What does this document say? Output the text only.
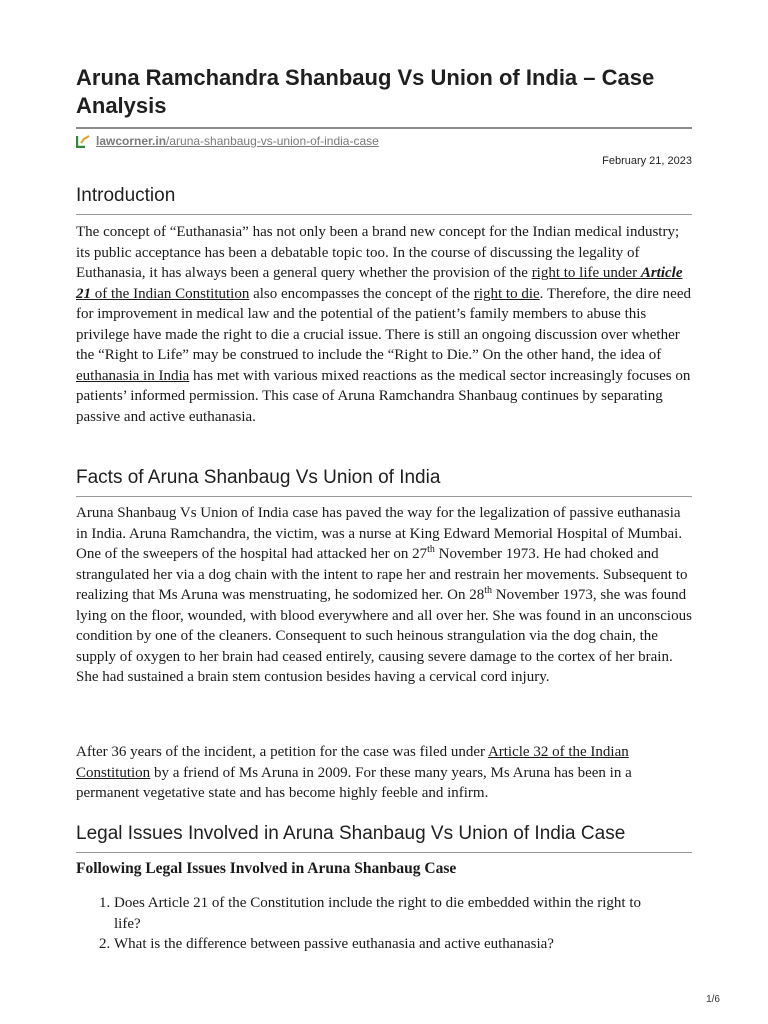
Aruna Ramchandra Shanbaug Vs Union of India – Case Analysis
lawcorner.in/aruna-shanbaug-vs-union-of-india-case
February 21, 2023
Introduction

The concept of “Euthanasia” has not only been a brand new concept for the Indian medical industry; its public acceptance has been a debatable topic too. In the course of discussing the legality of Euthanasia, it has always been a general query whether the provision of the right to life under Article 21 of the Indian Constitution also encompasses the concept of the right to die. Therefore, the dire need for improvement in medical law and the potential of the patient’s family members to abuse this privilege have made the right to die a crucial issue. There is still an ongoing discussion over whether the “Right to Life” may be construed to include the “Right to Die.” On the other hand, the idea of euthanasia in India has met with various mixed reactions as the medical sector increasingly focuses on patients’ informed permission. This case of Aruna Ramchandra Shanbaug continues by separating passive and active euthanasia.

Facts of Aruna Shanbaug Vs Union of India

Aruna Shanbaug Vs Union of India case has paved the way for the legalization of passive euthanasia in India. Aruna Ramchandra, the victim, was a nurse at King Edward Memorial Hospital of Mumbai. One of the sweepers of the hospital had attacked her on 27th November 1973. He had choked and strangulated her via a dog chain with the intent to rape her and restrain her movements. Subsequent to realizing that Ms Aruna was menstruating, he sodomized her. On 28th November 1973, she was found lying on the floor, wounded, with blood everywhere and all over her. She was found in an unconscious condition by one of the cleaners. Consequent to such heinous strangulation via the dog chain, the supply of oxygen to her brain had ceased entirely, causing severe damage to the cortex of her brain. She had sustained a brain stem contusion besides having a cervical cord injury.

After 36 years of the incident, a petition for the case was filed under Article 32 of the Indian Constitution by a friend of Ms Aruna in 2009. For these many years, Ms Aruna has been in a permanent vegetative state and has become highly feeble and infirm.

Legal Issues Involved in Aruna Shanbaug Vs Union of India Case
Following Legal Issues Involved in Aruna Shanbaug Case
1. Does Article 21 of the Constitution include the right to die embedded within the right to life?
2. What is the difference between passive euthanasia and active euthanasia?
1/6
